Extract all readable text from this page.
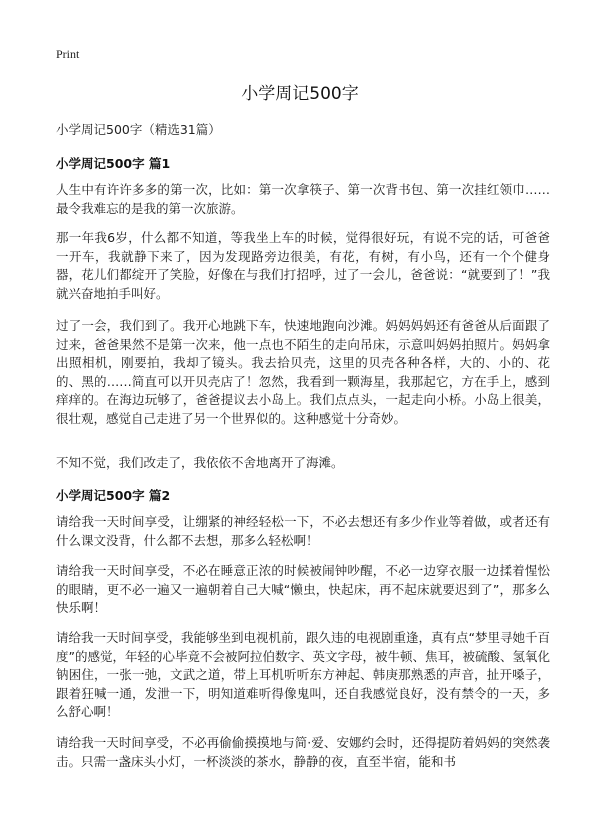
Print
小学周记500字
小学周记500字（精选31篇）
小学周记500字 篇1

人生中有许许多多的第一次，比如：第一次拿筷子、第一次背书包、第一次挂红领巾……最令我难忘的是我的第一次旅游。

那一年我6岁，什么都不知道，等我坐上车的时候，觉得很好玩，有说不完的话，可爸爸一开车，我就静下来了，因为发现路旁边很美，有花，有树，有小鸟，还有一个个健身器，花儿们都绽开了笑脸，好像在与我们打招呼，过了一会儿，爸爸说：“就要到了！”我就兴奋地拍手叫好。

过了一会，我们到了。我开心地跳下车，快速地跑向沙滩。妈妈妈妈还有爸爸从后面跟了过来，爸爸果然不是第一次来，他一点也不陌生的走向吊床，示意叫妈妈拍照片。妈妈拿出照相机，刚要拍，我却了镜头。我去拾贝壳，这里的贝壳各种各样，大的、小的、花的、黑的……简直可以开贝壳店了！忽然，我看到一颗海星，我那起它，方在手上，感到痒痒的。在海边玩够了，爸爸提议去小岛上。我们点点头，一起走向小桥。小岛上很美，很壮观，感觉自己走进了另一个世界似的。这种感觉十分奇妙。

不知不觉，我们改走了，我依依不舍地离开了海滩。

小学周记500字 篇2

请给我一天时间享受，让绷紧的神经轻松一下，不必去想还有多少作业等着做，或者还有什么课文没背，什么都不去想，那多么轻松啊！

请给我一天时间享受，不必在睡意正浓的时候被闹钟吵醒，不必一边穿衣服一边揉着惺忪的眼睛，更不必一遍又一遍朝着自己大喊“懒虫，快起床，再不起床就要迟到了”，那多么快乐啊！

请给我一天时间享受，我能够坐到电视机前，跟久违的电视剧重逢，真有点“梦里寻她千百度”的感觉，年轻的心毕竟不会被阿拉伯数字、英文字母，被牛顿、焦耳，被硫酸、氢氧化钠困住，一张一弛，文武之道，带上耳机听听东方神起、韩庚那熟悉的声音，扯开嗓子，跟着狂喊一通，发泄一下，明知道难听得像鬼叫，还自我感觉良好，没有禁令的一天，多么舒心啊！

请给我一天时间享受，不必再偷偷摸摸地与简·爱、安娜约会时，还得提防着妈妈的突然袭击。只需一盏床头小灯，一杯淡淡的茶水，静静的夜，直至半宿，能和书
